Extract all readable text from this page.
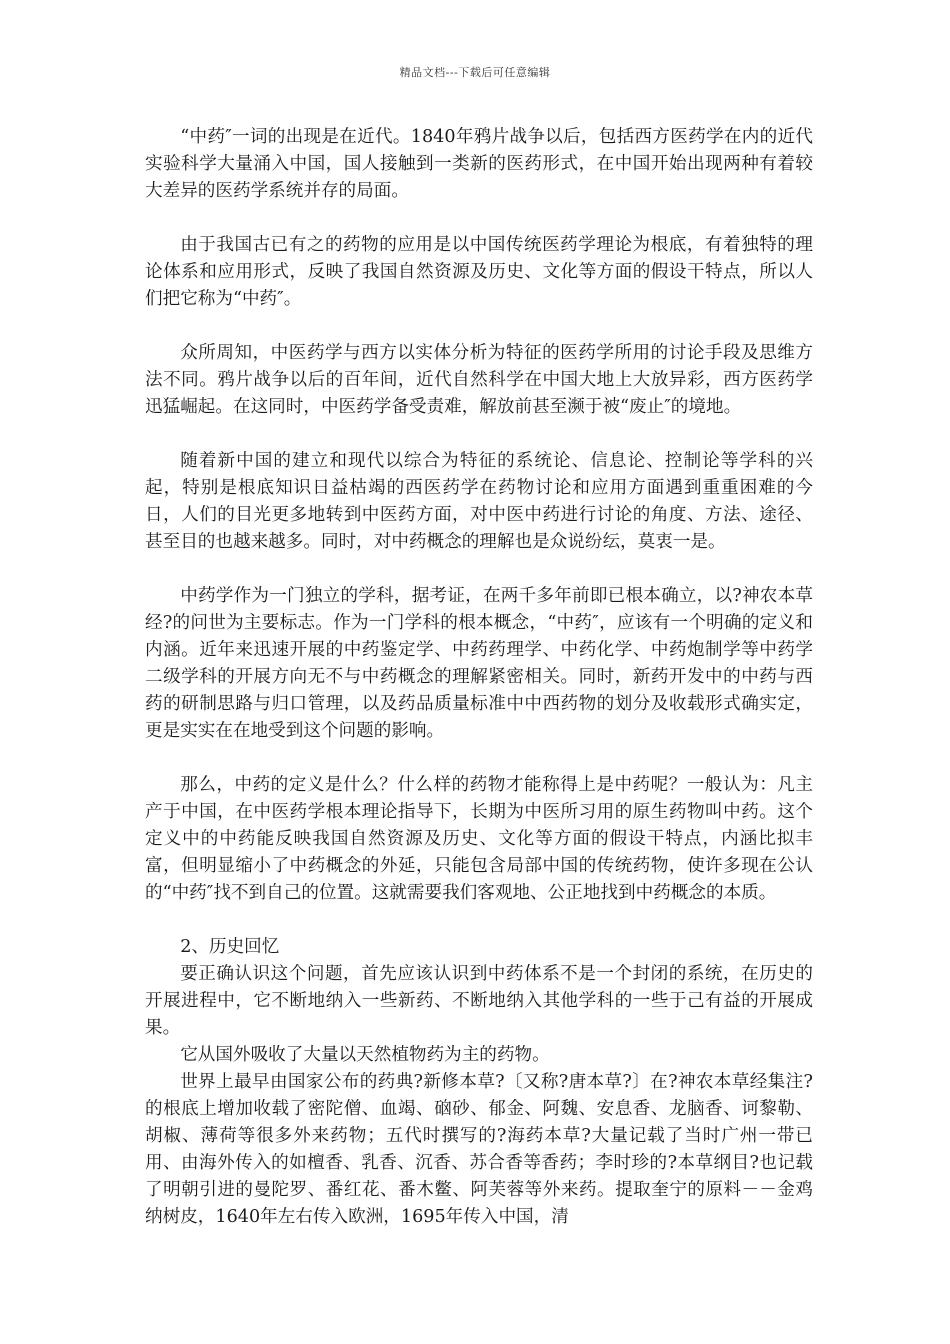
精品文档---下载后可任意编辑

“中药″一词的出现是在近代。1840年鸦片战争以后，包括西方医药学在内的近代实验科学大量涌入中国，国人接触到一类新的医药形式，在中国开始出现两种有着较大差异的医药学系统并存的局面。

由于我国古已有之的药物的应用是以中国传统医药学理论为根底，有着独特的理论体系和应用形式，反映了我国自然资源及历史、文化等方面的假设干特点，所以人们把它称为“中药″。

众所周知，中医药学与西方以实体分析为特征的医药学所用的讨论手段及思维方法不同。鸦片战争以后的百年间，近代自然科学在中国大地上大放异彩，西方医药学迅猛崛起。在这同时，中医药学备受责难，解放前甚至濒于被“废止″的境地。

随着新中国的建立和现代以综合为特征的系统论、信息论、控制论等学科的兴起，特别是根底知识日益枯竭的西医药学在药物讨论和应用方面遇到重重困难的今日，人们的目光更多地转到中医药方面，对中医中药进行讨论的角度、方法、途径、甚至目的也越来越多。同时，对中药概念的理解也是众说纷纭，莫衷一是。

中药学作为一门独立的学科，据考证，在两千多年前即已根本确立，以?神农本草经?的问世为主要标志。作为一门学科的根本概念，“中药″，应该有一个明确的定义和内涵。近年来迅速开展的中药鉴定学、中药药理学、中药化学、中药炮制学等中药学二级学科的开展方向无不与中药概念的理解紧密相关。同时，新药开发中的中药与西药的研制思路与归口管理，以及药品质量标准中中西药物的划分及收载形式确实定，更是实实在在地受到这个问题的影响。

那么，中药的定义是什么？什么样的药物才能称得上是中药呢？一般认为：凡主产于中国，在中医药学根本理论指导下，长期为中医所习用的原生药物叫中药。这个定义中的中药能反映我国自然资源及历史、文化等方面的假设干特点，内涵比拟丰富，但明显缩小了中药概念的外延，只能包含局部中国的传统药物，使许多现在公认的“中药″找不到自己的位置。这就需要我们客观地、公正地找到中药概念的本质。

2、历史回忆

要正确认识这个问题，首先应该认识到中药体系不是一个封闭的系统，在历史的开展进程中，它不断地纳入一些新药、不断地纳入其他学科的一些于己有益的开展成果。

它从国外吸收了大量以天然植物药为主的药物。

世界上最早由国家公布的药典?新修本草?〔又称?唐本草?〕在?神农本草经集注?的根底上增加收载了密陀僧、血竭、硇砂、郁金、阿魏、安息香、龙脑香、诃黎勒、胡椒、薄荷等很多外来药物；五代时撰写的?海药本草?大量记载了当时广州一带已用、由海外传入的如檀香、乳香、沉香、苏合香等香药；李时珍的?本草纲目?也记载了明朝引进的曼陀罗、番红花、番木鳖、阿芙蓉等外来药。提取奎宁的原料－－金鸡纳树皮，1640年左右传入欧洲，1695年传入中国，清
